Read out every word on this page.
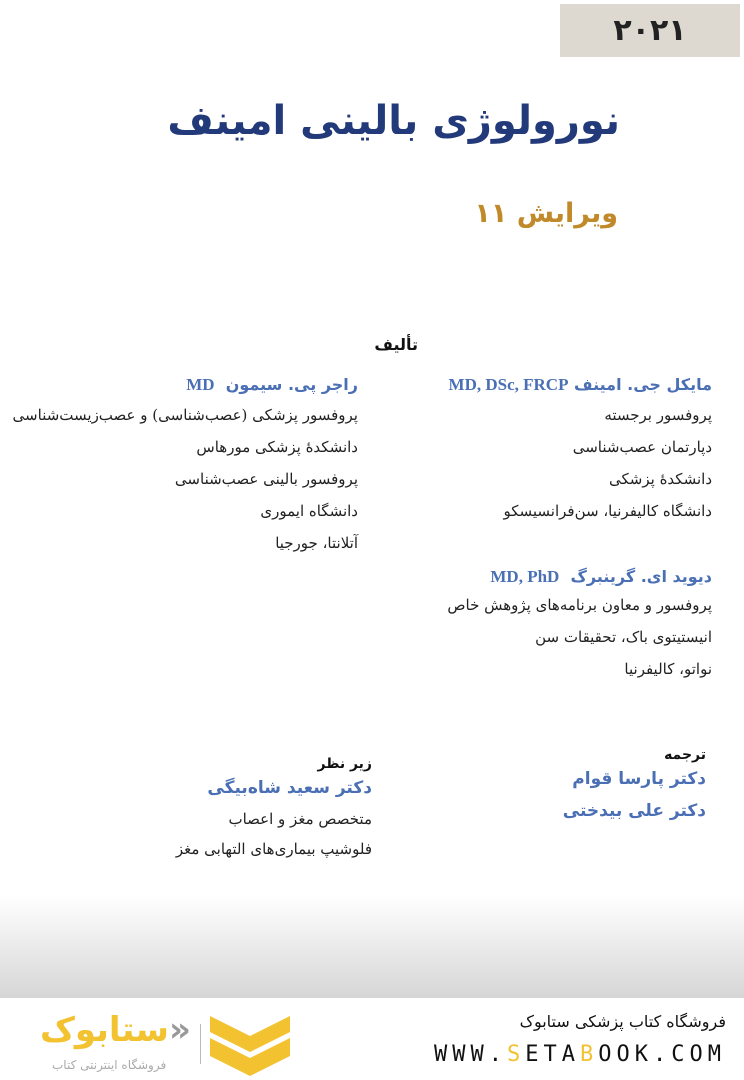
۲۰۲۱
نورولوژی بالینی امینف
ویرایش ۱۱
تألیف
مایکل جی. امینف MD, DSc, FRCP
پروفسور برجسته
دپارتمان عصب‌شناسی
دانشکدهٔ پزشکی
دانشگاه کالیفرنیا، سن‌فرانسیسکو
راجر پی. سیمون  MD
پروفسور پزشکی (عصب‌شناسی) و عصب‌زیست‌شناسی
دانشکدهٔ پزشکی مورهاس
پروفسور بالینی عصب‌شناسی
دانشگاه ایموری
آتلانتا، جورجیا
دیوید ای. گرینبرگ  MD, PhD
پروفسور و معاون برنامه‌های پژوهش خاص
انیستیتوی باک، تحقیقات سن
نواتو، کالیفرنیا
ترجمه
دکتر پارسا قوام
دکتر علی بیدختی
زیر نظر
دکتر سعید شاه‌بیگی
متخصص مغز و اعصاب
فلوشیپ بیماری‌های التهابی مغز
«ستابوک
فروشگاه اینترنتی کتاب
فروشگاه کتاب پزشکی ستابوک
WWW.SETABOOK.COM
